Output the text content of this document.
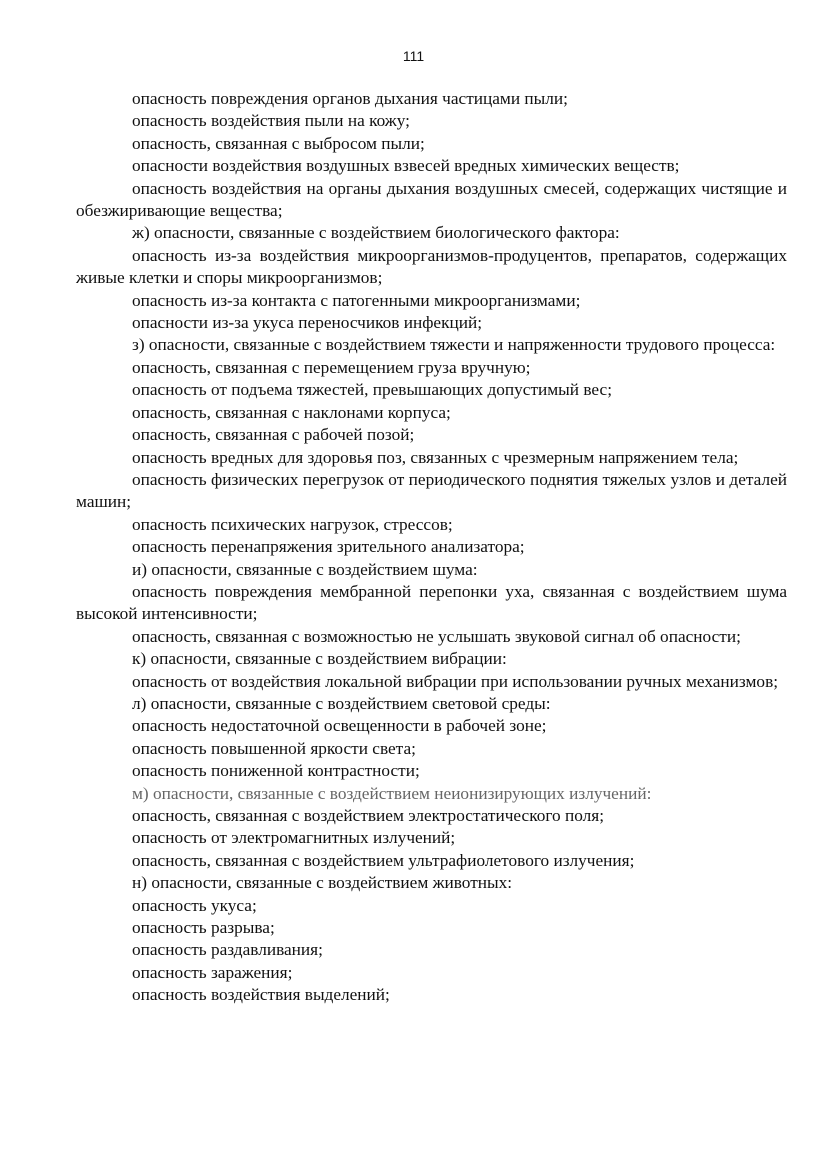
111

опасность повреждения органов дыхания частицами пыли;

опасность воздействия пыли на кожу;

опасность, связанная с выбросом пыли;

опасности воздействия воздушных взвесей вредных химических веществ;

опасность воздействия на органы дыхания воздушных смесей, содержащих чистящие и обезжиривающие вещества;

ж) опасности, связанные с воздействием биологического фактора:

опасность из-за воздействия микроорганизмов-продуцентов, препаратов, содержащих живые клетки и споры микроорганизмов;

опасность из-за контакта с патогенными микроорганизмами;

опасности из-за укуса переносчиков инфекций;

з) опасности, связанные с воздействием тяжести и напряженности трудового процесса:

опасность, связанная с перемещением груза вручную;

опасность от подъема тяжестей, превышающих допустимый вес;

опасность, связанная с наклонами корпуса;

опасность, связанная с рабочей позой;

опасность вредных для здоровья поз, связанных с чрезмерным напряжением тела;

опасность физических перегрузок от периодического поднятия тяжелых узлов и деталей машин;

опасность психических нагрузок, стрессов;

опасность перенапряжения зрительного анализатора;

и) опасности, связанные с воздействием шума:

опасность повреждения мембранной перепонки уха, связанная с воздействием шума высокой интенсивности;

опасность, связанная с возможностью не услышать звуковой сигнал об опасности;

к) опасности, связанные с воздействием вибрации:

опасность от воздействия локальной вибрации при использовании ручных механизмов;

л) опасности, связанные с воздействием световой среды:

опасность недостаточной освещенности в рабочей зоне;

опасность повышенной яркости света;

опасность пониженной контрастности;

м) опасности, связанные с воздействием неионизирующих излучений:

опасность, связанная с воздействием электростатического поля;

опасность от электромагнитных излучений;

опасность, связанная с воздействием ультрафиолетового излучения;

н) опасности, связанные с воздействием животных:

опасность укуса;

опасность разрыва;

опасность раздавливания;

опасность заражения;

опасность воздействия выделений;
